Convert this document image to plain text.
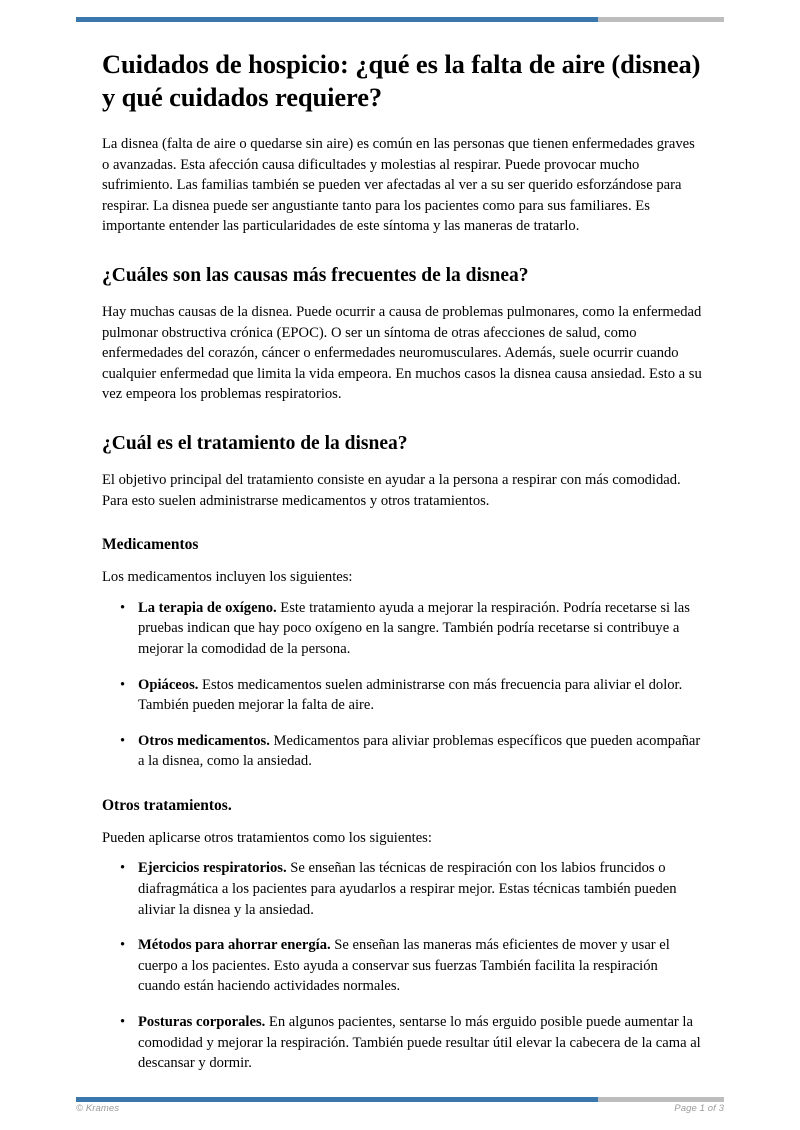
Cuidados de hospicio: ¿qué es la falta de aire (disnea) y qué cuidados requiere?

La disnea (falta de aire o quedarse sin aire) es común en las personas que tienen enfermedades graves o avanzadas. Esta afección causa dificultades y molestias al respirar. Puede provocar mucho sufrimiento. Las familias también se pueden ver afectadas al ver a su ser querido esforzándose para respirar. La disnea puede ser angustiante tanto para los pacientes como para sus familiares. Es importante entender las particularidades de este síntoma y las maneras de tratarlo.

¿Cuáles son las causas más frecuentes de la disnea?

Hay muchas causas de la disnea. Puede ocurrir a causa de problemas pulmonares, como la enfermedad pulmonar obstructiva crónica (EPOC). O ser un síntoma de otras afecciones de salud, como enfermedades del corazón, cáncer o enfermedades neuromusculares. Además, suele ocurrir cuando cualquier enfermedad que limita la vida empeora. En muchos casos la disnea causa ansiedad. Esto a su vez empeora los problemas respiratorios.

¿Cuál es el tratamiento de la disnea?

El objetivo principal del tratamiento consiste en ayudar a la persona a respirar con más comodidad. Para esto suelen administrarse medicamentos y otros tratamientos.

Medicamentos

Los medicamentos incluyen los siguientes:

• La terapia de oxígeno. Este tratamiento ayuda a mejorar la respiración. Podría recetarse si las pruebas indican que hay poco oxígeno en la sangre. También podría recetarse si contribuye a mejorar la comodidad de la persona.
• Opiáceos. Estos medicamentos suelen administrarse con más frecuencia para aliviar el dolor. También pueden mejorar la falta de aire.
• Otros medicamentos. Medicamentos para aliviar problemas específicos que pueden acompañar a la disnea, como la ansiedad.
Otros tratamientos.

Pueden aplicarse otros tratamientos como los siguientes:

• Ejercicios respiratorios. Se enseñan las técnicas de respiración con los labios fruncidos o diafragmática a los pacientes para ayudarlos a respirar mejor. Estas técnicas también pueden aliviar la disnea y la ansiedad.
• Métodos para ahorrar energía. Se enseñan las maneras más eficientes de mover y usar el cuerpo a los pacientes. Esto ayuda a conservar sus fuerzas También facilita la respiración cuando están haciendo actividades normales.
• Posturas corporales. En algunos pacientes, sentarse lo más erguido posible puede aumentar la comodidad y mejorar la respiración. También puede resultar útil elevar la cabecera de la cama al descansar y dormir.
© Krames	Page 1 of 3
